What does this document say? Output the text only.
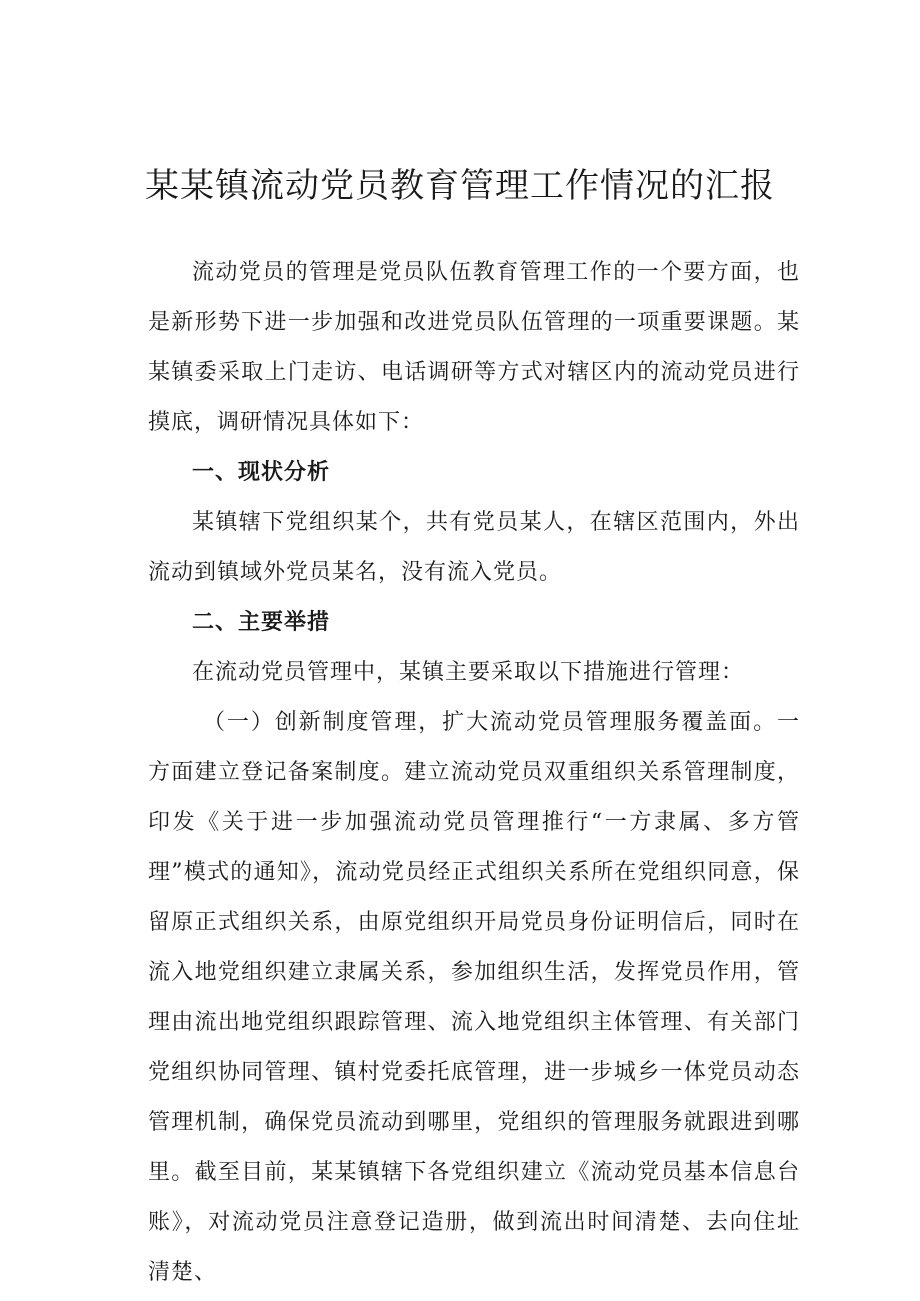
某某镇流动党员教育管理工作情况的汇报

流动党员的管理是党员队伍教育管理工作的一个要方面，也是新形势下进一步加强和改进党员队伍管理的一项重要课题。某某镇委采取上门走访、电话调研等方式对辖区内的流动党员进行摸底，调研情况具体如下：

一、现状分析

某镇辖下党组织某个，共有党员某人，在辖区范围内，外出流动到镇域外党员某名，没有流入党员。

二、主要举措

在流动党员管理中，某镇主要采取以下措施进行管理：

（一）创新制度管理，扩大流动党员管理服务覆盖面。一方面建立登记备案制度。建立流动党员双重组织关系管理制度，印发《关于进一步加强流动党员管理推行“一方隶属、多方管理”模式的通知》，流动党员经正式组织关系所在党组织同意，保留原正式组织关系，由原党组织开局党员身份证明信后，同时在流入地党组织建立隶属关系，参加组织生活，发挥党员作用，管理由流出地党组织跟踪管理、流入地党组织主体管理、有关部门党组织协同管理、镇村党委托底管理，进一步城乡一体党员动态管理机制，确保党员流动到哪里，党组织的管理服务就跟进到哪里。截至目前，某某镇辖下各党组织建立《流动党员基本信息台账》，对流动党员注意登记造册，做到流出时间清楚、去向住址清楚、
